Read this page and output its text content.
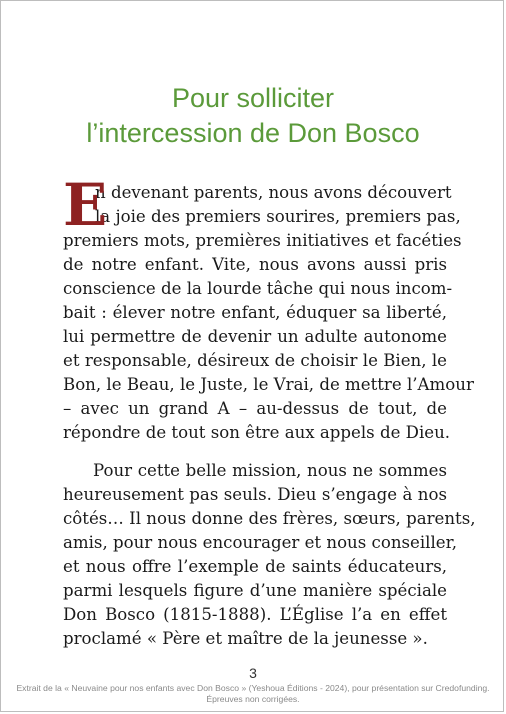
Pour solliciter
l’intercession de Don Bosco
E
n devenant parents, nous avons découvert
la joie des premiers sourires, premiers pas,
premiers mots, premières initiatives et facéties
de notre enfant. Vite, nous avons aussi pris
conscience de la lourde tâche qui nous incom-
bait : élever notre enfant, éduquer sa liberté,
lui permettre de devenir un adulte autonome
et responsable, désireux de choisir le Bien, le
Bon, le Beau, le Juste, le Vrai, de mettre l’Amour
– avec un grand A – au-dessus de tout, de
répondre de tout son être aux appels de Dieu.
Pour cette belle mission, nous ne sommes
heureusement pas seuls. Dieu s’engage à nos
côtés… Il nous donne des frères, sœurs, parents,
amis, pour nous encourager et nous conseiller,
et nous offre l’exemple de saints éducateurs,
parmi lesquels figure d’une manière spéciale
Don Bosco (1815-1888). L’Église l’a en effet
proclamé « Père et maître de la jeunesse ».
3
Extrait de la « Neuvaine pour nos enfants avec Don Bosco » (Yeshoua Éditions - 2024), pour présentation sur Credofunding.
Épreuves non corrigées.
